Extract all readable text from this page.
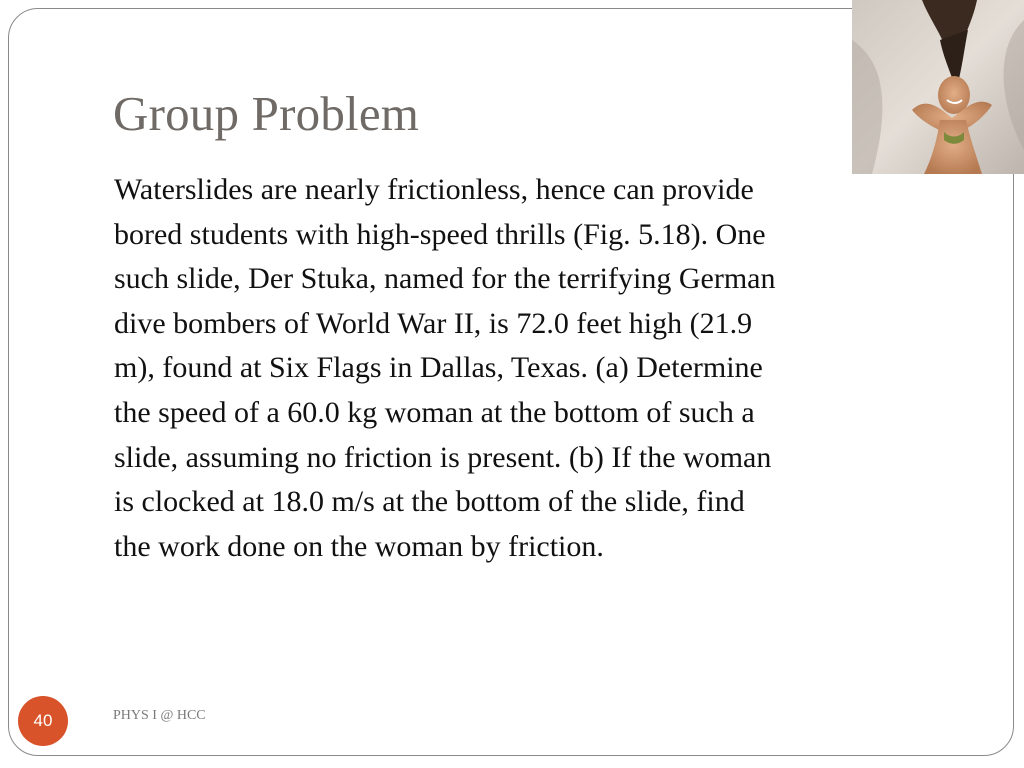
Group Problem

Waterslides are nearly frictionless, hence can provide
bored students with high-speed thrills (Fig. 5.18). One
such slide, Der Stuka, named for the terrifying German
dive bombers of World War II, is 72.0 feet high (21.9
m), found at Six Flags in Dallas, Texas. (a) Determine
the speed of a 60.0 kg woman at the bottom of such a
slide, assuming no friction is present. (b) If the woman
is clocked at 18.0 m/s at the bottom of the slide, find
the work done on the woman by friction.

40	PHYS I @ HCC
